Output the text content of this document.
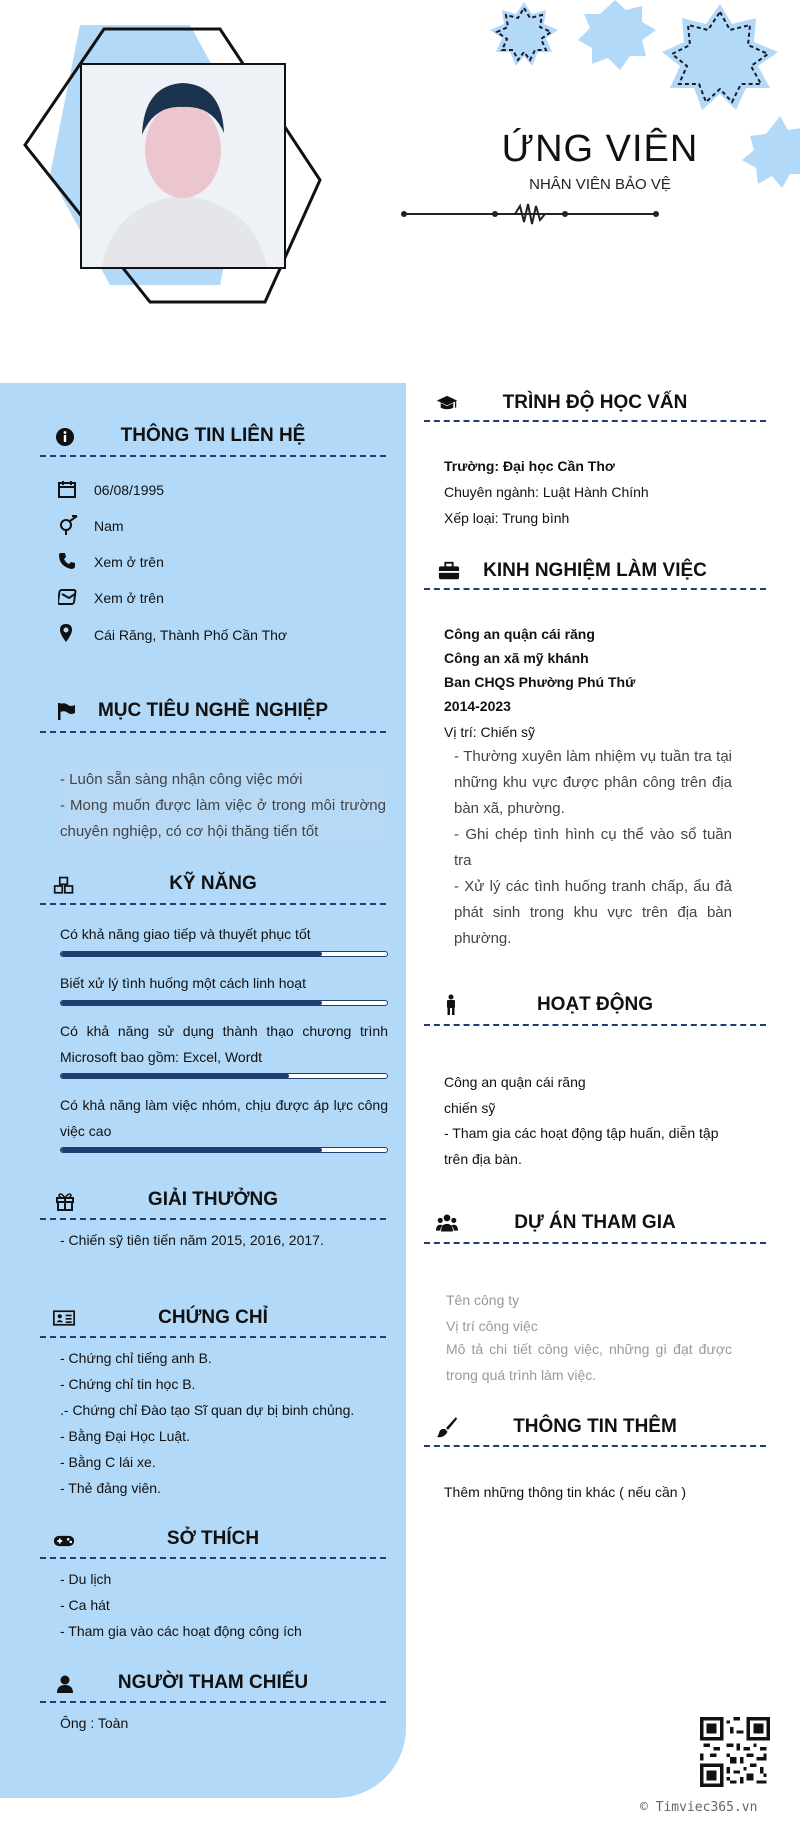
ỨNG VIÊN
NHÂN VIÊN BẢO VỆ
THÔNG TIN LIÊN HỆ
06/08/1995
Nam
Xem ở trên
Xem ở trên
Cái Răng, Thành Phố Cần Thơ
MỤC TIÊU NGHỀ NGHIỆP
- Luôn sẵn sàng nhận công việc mới
- Mong muốn được làm việc ở trong môi trường chuyên nghiệp, có cơ hội thăng tiến tốt
KỸ NĂNG
Có khả năng giao tiếp và thuyết phục tốt
Biết xử lý tình huống một cách linh hoạt
Có khả năng sử dụng thành thạo chương trình Microsoft bao gồm: Excel, Wordt
Có khả năng làm việc nhóm, chịu được áp lực công việc cao
GIẢI THƯỞNG
- Chiến sỹ tiên tiến năm 2015, 2016, 2017.
CHỨNG CHỈ
- Chứng chỉ tiếng anh B.
- Chứng chỉ tin học B.
.- Chứng chỉ Đào tạo Sĩ quan dự bị binh chủng.
- Bằng Đại Học Luật.
- Bằng C lái xe.
- Thẻ đảng viên.
SỞ THÍCH
- Du lịch
- Ca hát
- Tham gia vào các hoạt động công ích
NGƯỜI THAM CHIẾU
Ông : Toàn
TRÌNH ĐỘ HỌC VẤN
Trường: Đại học Cần Thơ
Chuyên ngành: Luật Hành Chính
Xếp loại: Trung bình
KINH NGHIỆM LÀM VIỆC
Công an quận cái răng
Công an xã mỹ khánh
Ban CHQS Phường Phú Thứ
2014-2023
Vị trí: Chiến sỹ
- Thường xuyên làm nhiệm vụ tuần tra tại những khu vực được phân công trên địa bàn xã, phường.
- Ghi chép tình hình cụ thể vào sổ tuần tra
- Xử lý các tình huống tranh chấp, ẩu đả phát sinh trong khu vực trên địa bàn phường.
HOẠT ĐỘNG
Công an quận cái răng
chiến sỹ
- Tham gia các hoạt động tập huấn, diễn tập trên địa bàn.
DỰ ÁN THAM GIA
Tên công ty
Vị trí công việc
Mô tả chi tiết công việc, những gì đạt được trong quá trình làm việc.
THÔNG TIN THÊM
Thêm những thông tin khác ( nếu cần )
© Timviec365.vn
